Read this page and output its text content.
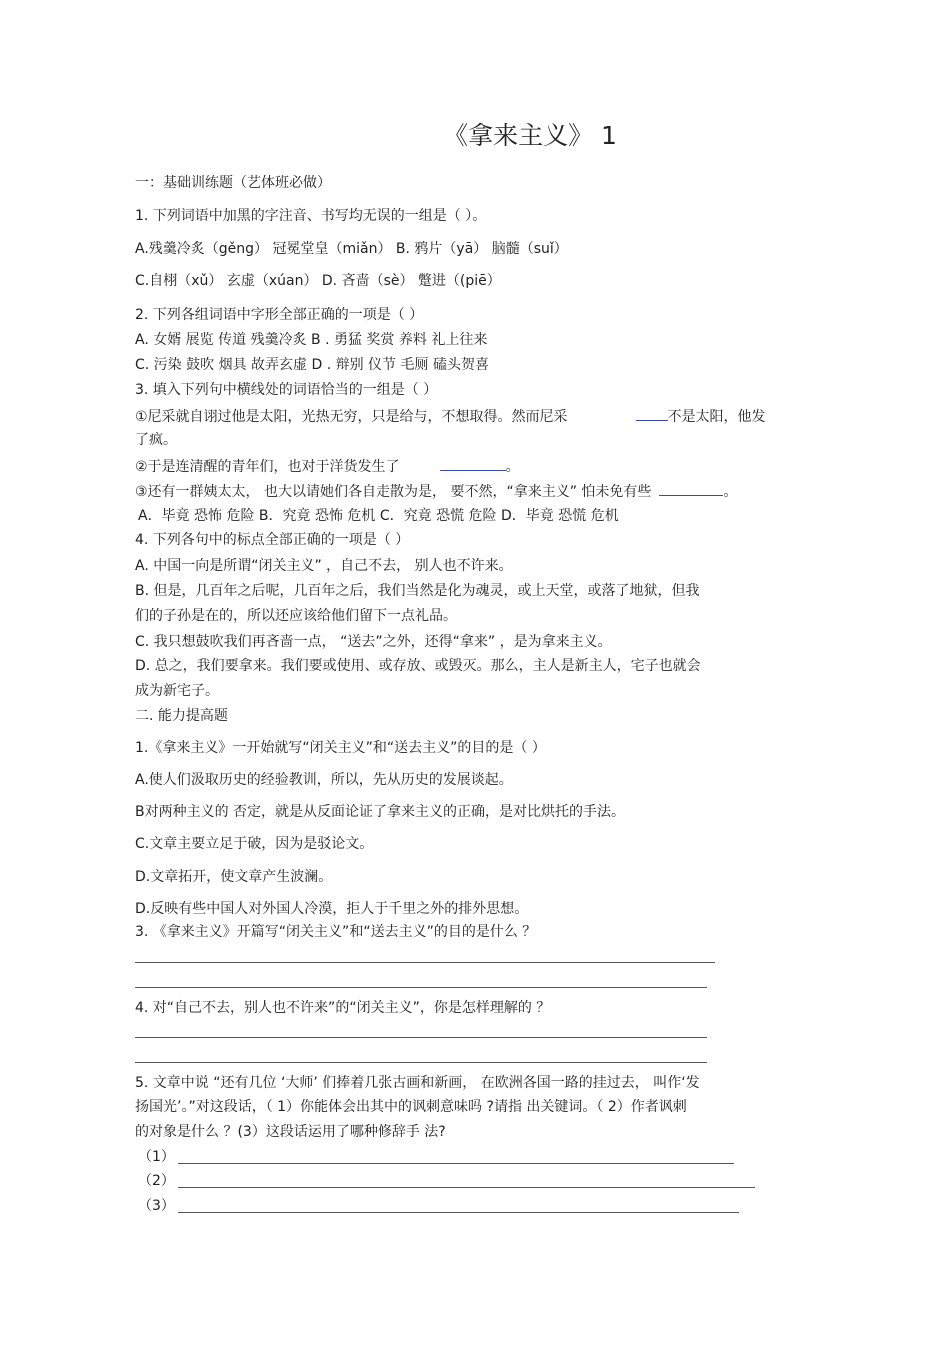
《拿来主义》 1
一：基础训练题（艺体班必做）
1. 下列词语中加黑的字注音、书写均无误的一组是（ ）。
A.残羹冷炙（gěng） 冠冕堂皇（miǎn） B. 鸦片（yā） 脑髓（suǐ）
C.自栩（xǔ） 玄虚（xúan） D. 吝啬（sè） 蹩进（(piē）
2. 下列各组词语中字形全部正确的一项是（ ）
A. 女婿 展览 传道 残羹冷炙 B . 勇猛 奖赏 养料 礼上往来
C. 污染 鼓吹 烟具 故弄玄虚 D . 辩别 仪节 毛厕 磕头贺喜
3. 填入下列句中横线处的词语恰当的一组是（ ）
①尼采就自诩过他是太阳，光热无穷，只是给与，不想取得。然而尼采	不是太阳，他发
了疯。
②于是连清醒的青年们，也对于洋货发生了	。
③还有一群姨太太， 也大以请她们各自走散为是， 要不然，“拿来主义” 怕未免有些	。
A．毕竟 恐怖 危险 B．究竟 恐怖 危机 C．究竟 恐慌 危险 D．毕竟 恐慌 危机
4. 下列各句中的标点全部正确的一项是（ ）
A. 中国一向是所谓“闭关主义” ，自己不去， 别人也不许来。
B. 但是，几百年之后呢，几百年之后，我们当然是化为魂灵，或上天堂，或落了地狱，但我
们的子孙是在的，所以还应该给他们留下一点礼品。
C. 我只想鼓吹我们再吝啬一点， “送去”之外，还得“拿来” ，是为拿来主义。
D. 总之，我们要拿来。我们要或使用、或存放、或毁灭。那么，主人是新主人，宅子也就会
成为新宅子。
二. 能力提高题
1.《拿来主义》一开始就写“闭关主义”和“送去主义”的目的是（ ）
A.使人们汲取历史的经验教训，所以，先从历史的发展谈起。
B对两种主义的 否定，就是从反面论证了拿来主义的正确，是对比烘托的手法。
C.文章主要立足于破，因为是驳论文。
D.文章拓开，使文章产生波澜。
D.反映有些中国人对外国人冷漠，拒人于千里之外的排外思想。
3. 《拿来主义》开篇写“闭关主义”和“送去主义”的目的是什么 ？
4. 对“自己不去，别人也不许来”的“闭关主义”，你是怎样理解的 ？
5. 文章中说 “还有几位 ‘大师’ 们捧着几张古画和新画， 在欧洲各国一路的挂过去， 叫作‘发
扬国光’。”对这段话，（ 1）你能体会出其中的讽刺意味吗 ?请指 出关键词。（ 2）作者讽刺
的对象是什么 ？(3）这段话运用了哪种修辞手 法?
（1）
（2）
（3）
